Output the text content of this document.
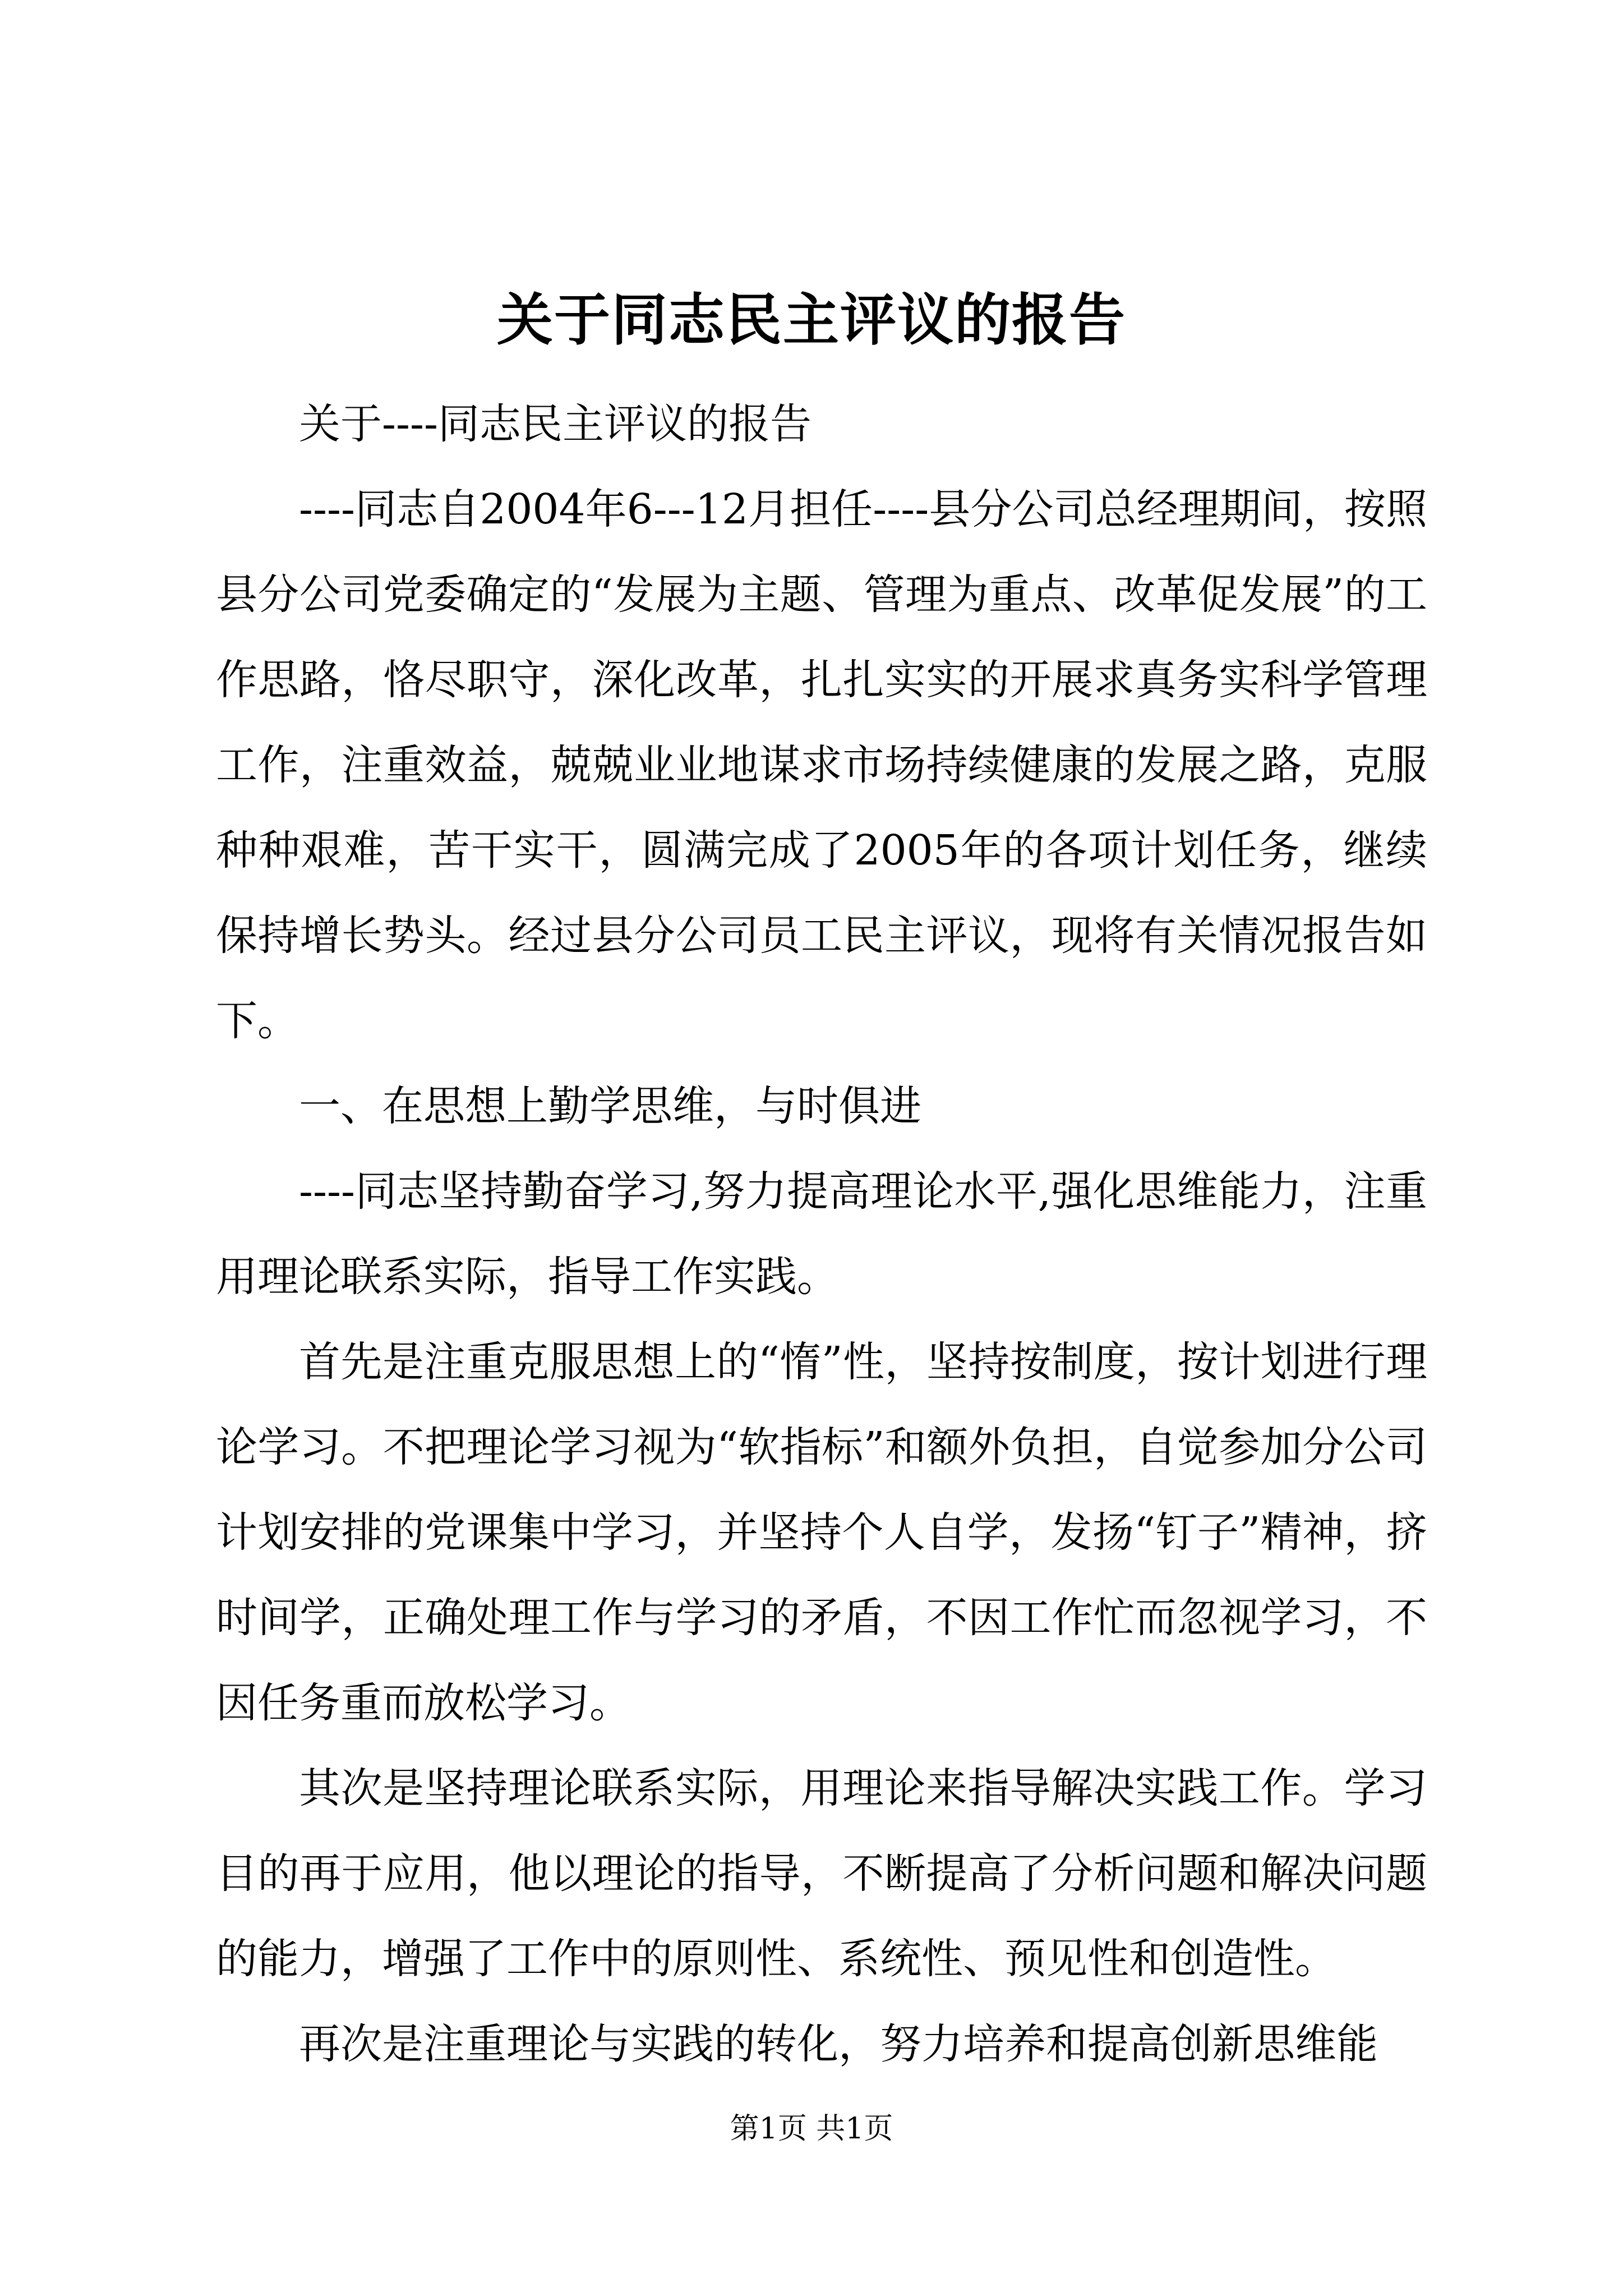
关于同志民主评议的报告

关于----同志民主评议的报告

----同志自2004年6---12月担任----县分公司总经理期间，按照县分公司党委确定的“发展为主题、管理为重点、改革促发展”的工作思路，恪尽职守，深化改革，扎扎实实的开展求真务实科学管理工作，注重效益，兢兢业业地谋求市场持续健康的发展之路，克服种种艰难，苦干实干，圆满完成了2005年的各项计划任务，继续保持增长势头。经过县分公司员工民主评议，现将有关情况报告如下。

一、在思想上勤学思维，与时俱进

----同志坚持勤奋学习,努力提高理论水平,强化思维能力，注重用理论联系实际，指导工作实践。

首先是注重克服思想上的“惰”性，坚持按制度，按计划进行理论学习。不把理论学习视为“软指标”和额外负担，自觉参加分公司计划安排的党课集中学习，并坚持个人自学，发扬“钉子”精神，挤时间学，正确处理工作与学习的矛盾，不因工作忙而忽视学习，不因任务重而放松学习。

其次是坚持理论联系实际，用理论来指导解决实践工作。学习目的再于应用，他以理论的指导，不断提高了分析问题和解决问题的能力，增强了工作中的原则性、系统性、预见性和创造性。

再次是注重理论与实践的转化，努力培养和提高创新思维能

第1页 共1页
